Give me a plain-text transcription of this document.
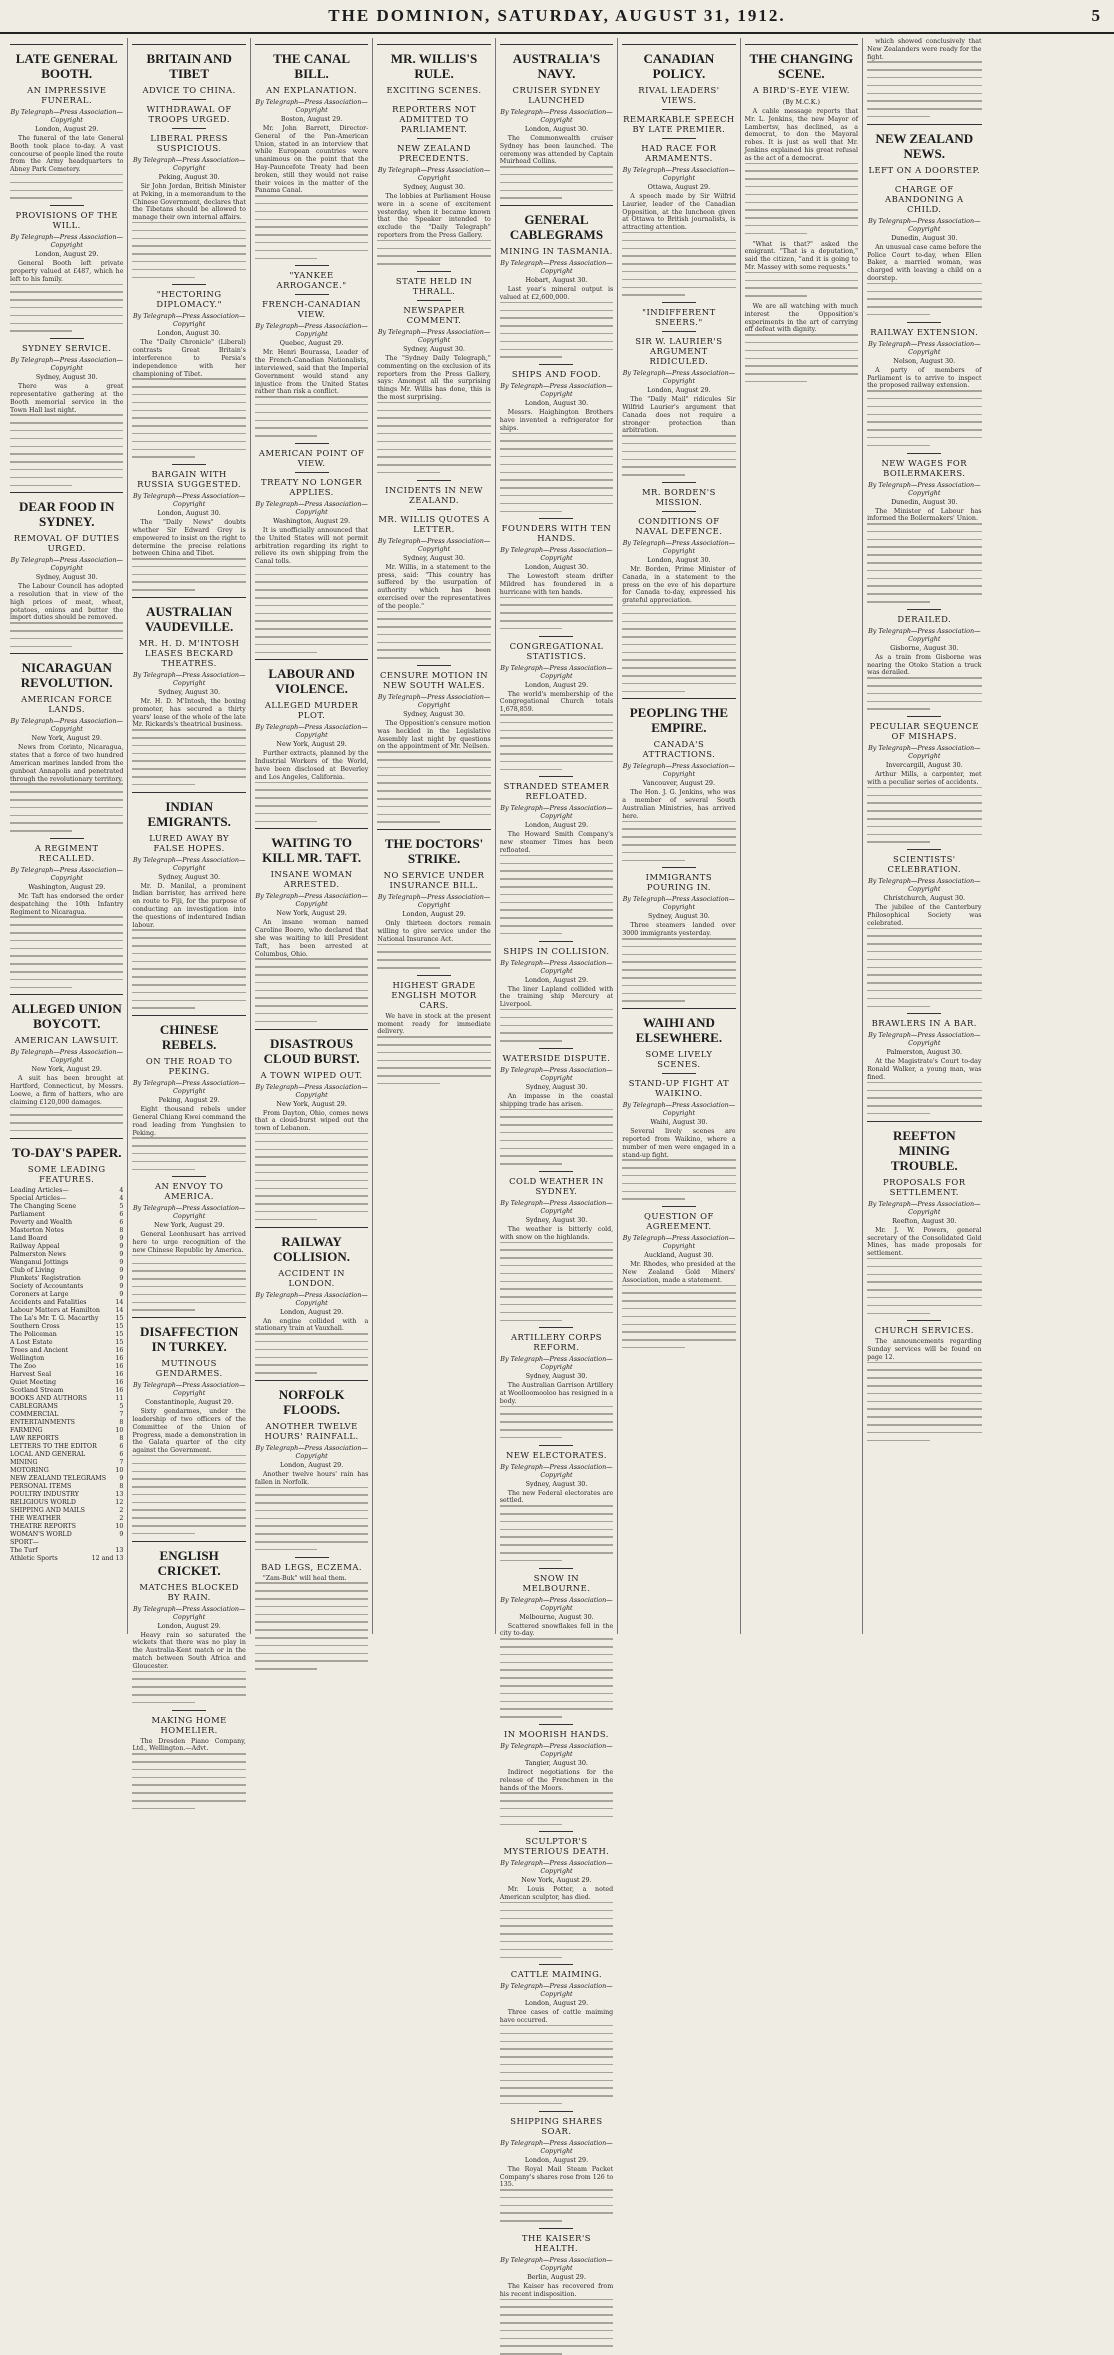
THE DOMINION, SATURDAY, AUGUST 31, 1912.	5
LATE GENERAL BOOTH.
AN IMPRESSIVE FUNERAL.
By Telegraph—Press Association—Copyright
London, August 29.

The funeral of the late General Booth took place to-day. A vast concourse of people lined the route from the Army headquarters to Abney Park Cemetery.

PROVISIONS OF THE WILL.
By Telegraph—Press Association—Copyright
London, August 29.

General Booth left private property valued at £487, which he left to his family.

SYDNEY SERVICE.
By Telegraph—Press Association—Copyright
Sydney, August 30.

There was a great representative gathering at the Booth memorial service in the Town Hall last night.

DEAR FOOD IN SYDNEY.
REMOVAL OF DUTIES URGED.
By Telegraph—Press Association—Copyright
Sydney, August 30.

The Labour Council has adopted a resolution that in view of the high prices of meat, wheat, potatoes, onions and butter the import duties should be removed.

NICARAGUAN REVOLUTION.
AMERICAN FORCE LANDS.
By Telegraph—Press Association—Copyright
New York, August 29.

News from Corinto, Nicaragua, states that a force of two hundred American marines landed from the gunboat Annapolis and penetrated through the revolutionary territory.

A REGIMENT RECALLED.
By Telegraph—Press Association—Copyright
Washington, August 29.

Mr. Taft has endorsed the order despatching the 10th Infantry Regiment to Nicaragua.

ALLEGED UNION BOYCOTT.
AMERICAN LAWSUIT.
By Telegraph—Press Association—Copyright
New York, August 29.

A suit has been brought at Hartford, Connecticut, by Messrs. Loewe, a firm of hatters, who are claiming £120,000 damages.

TO-DAY'S PAPER.
SOME LEADING FEATURES.
Leading Articles—	4
Special Articles—	4
The Changing Scene	5
Parliament	6
Poverty and Wealth	6
Masterton Notes	8
Land Board	9
Railway Appeal	9
Palmerston News	9
Wanganui Jottings	9
Club of Living	9
Plunkets' Registration	9
Society of Accountants	9
Coroners at Large	9
Accidents and Fatalities	14
Labour Matters at Hamilton	14
The La's Mr. T. G. Macarthy	15
Southern Cross	15
The Policeman	15
A Lost Estate	15
Trees and Ancient	16
Wellington	16
The Zoo	16
Harvest Seal	16
Quiet Meeting	16
Scotland Stream	16
BOOKS AND AUTHORS	11
CABLEGRAMS	5
COMMERCIAL	7
ENTERTAINMENTS	8
FARMING	10
LAW REPORTS	8
LETTERS TO THE EDITOR	6
LOCAL AND GENERAL	6
MINING	7
MOTORING	10
NEW ZEALAND TELEGRAMS	9
PERSONAL ITEMS	8
POULTRY INDUSTRY	13
RELIGIOUS WORLD	12
SHIPPING AND MAILS	2
THE WEATHER	2
THEATRE REPORTS	10
WOMAN'S WORLD	9
SPORT—
The Turf	13
Athletic Sports	12 and 13
BRITAIN AND TIBET
ADVICE TO CHINA.
WITHDRAWAL OF TROOPS URGED.
LIBERAL PRESS SUSPICIOUS.
By Telegraph—Press Association—Copyright
Peking, August 30.

Sir John Jordan, British Minister at Peking, in a memorandum to the Chinese Government, declares that the Tibetans should be allowed to manage their own internal affairs.

"HECTORING DIPLOMACY."
By Telegraph—Press Association—Copyright
London, August 30.

The "Daily Chronicle" (Liberal) contrasts Great Britain's interference to Persia's independence with her championing of Tibet.

BARGAIN WITH RUSSIA SUGGESTED.
By Telegraph—Press Association—Copyright
London, August 30.

The "Daily News" doubts whether Sir Edward Grey is empowered to insist on the right to determine the precise relations between China and Tibet.

AUSTRALIAN VAUDEVILLE.
MR. H. D. M'INTOSH LEASES BECKARD THEATRES.
By Telegraph—Press Association—Copyright
Sydney, August 30.

Mr. H. D. M'Intosh, the boxing promoter, has secured a thirty years' lease of the whole of the late Mr. Rickards's theatrical business.

INDIAN EMIGRANTS.
LURED AWAY BY FALSE HOPES.
By Telegraph—Press Association—Copyright
Sydney, August 30.

Mr. D. Manilal, a prominent Indian barrister, has arrived here en route to Fiji, for the purpose of conducting an investigation into the questions of indentured Indian labour.

CHINESE REBELS.
ON THE ROAD TO PEKING.
By Telegraph—Press Association—Copyright
Peking, August 29.

Eight thousand rebels under General Chiang Kwei command the road leading from Yunghsien to Peking.

AN ENVOY TO AMERICA.
By Telegraph—Press Association—Copyright
New York, August 29.

General Leonhusart has arrived here to urge recognition of the new Chinese Republic by America.

DISAFFECTION IN TURKEY.
MUTINOUS GENDARMES.
By Telegraph—Press Association—Copyright
Constantinople, August 29.

Sixty gendarmes, under the leadership of two officers of the Committee of the Union of Progress, made a demonstration in the Galata quarter of the city against the Government.

ENGLISH CRICKET.
MATCHES BLOCKED BY RAIN.
By Telegraph—Press Association—Copyright
London, August 29.

Heavy rain so saturated the wickets that there was no play in the Australia-Kent match or in the match between South Africa and Gloucester.

MAKING HOME HOMELIER.

The Dresden Piano Company, Ltd., Wellington.—Advt.

THE CANAL BILL.
AN EXPLANATION.
By Telegraph—Press Association—Copyright
Boston, August 29.

Mr. John Barrett, Director-General of the Pan-American Union, stated in an interview that while European countries were unanimous on the point that the Hay-Pauncefote Treaty had been broken, still they would not raise their voices in the matter of the Panama Canal.

"YANKEE ARROGANCE."
FRENCH-CANADIAN VIEW.
By Telegraph—Press Association—Copyright
Quebec, August 29.

Mr. Henri Bourassa, Leader of the French-Canadian Nationalists, interviewed, said that the Imperial Government would stand any injustice from the United States rather than risk a conflict.

AMERICAN POINT OF VIEW.
TREATY NO LONGER APPLIES.
By Telegraph—Press Association—Copyright
Washington, August 29.

It is unofficially announced that the United States will not permit arbitration regarding its right to relieve its own shipping from the Canal tolls.

LABOUR AND VIOLENCE.
ALLEGED MURDER PLOT.
By Telegraph—Press Association—Copyright
New York, August 29.

Further extracts, planned by the Industrial Workers of the World, have been disclosed at Beverley and Los Angeles, California.

WAITING TO KILL MR. TAFT.
INSANE WOMAN ARRESTED.
By Telegraph—Press Association—Copyright
New York, August 29.

An insane woman named Caroline Boero, who declared that she was waiting to kill President Taft, has been arrested at Columbus, Ohio.

DISASTROUS CLOUD BURST.
A TOWN WIPED OUT.
By Telegraph—Press Association—Copyright
New York, August 29.

From Dayton, Ohio, comes news that a cloud-burst wiped out the town of Lebanon.

RAILWAY COLLISION.
ACCIDENT IN LONDON.
By Telegraph—Press Association—Copyright
London, August 29.

An engine collided with a stationary train at Vauxhall.

NORFOLK FLOODS.
ANOTHER TWELVE HOURS' RAINFALL.
By Telegraph—Press Association—Copyright
London, August 29.

Another twelve hours' rain has fallen in Norfolk.

BAD LEGS, ECZEMA.

"Zam-Buk" will heal them.

MR. WILLIS'S RULE.
EXCITING SCENES.
REPORTERS NOT ADMITTED TO PARLIAMENT.
NEW ZEALAND PRECEDENTS.
By Telegraph—Press Association—Copyright
Sydney, August 30.

The lobbies at Parliament House were in a scene of excitement yesterday, when it became known that the Speaker intended to exclude the "Daily Telegraph" reporters from the Press Gallery.

STATE HELD IN THRALL.
NEWSPAPER COMMENT.
By Telegraph—Press Association—Copyright
Sydney, August 30.

The "Sydney Daily Telegraph," commenting on the exclusion of its reporters from the Press Gallery, says: Amongst all the surprising things Mr. Willis has done, this is the most surprising.

INCIDENTS IN NEW ZEALAND.
MR. WILLIS QUOTES A LETTER.
By Telegraph—Press Association—Copyright
Sydney, August 30.

Mr. Willis, in a statement to the press, said: "This country has suffered by the usurpation of authority which has been exercised over the representatives of the people."

CENSURE MOTION IN NEW SOUTH WALES.
By Telegraph—Press Association—Copyright
Sydney, August 30.

The Opposition's censure motion was heckled in the Legislative Assembly last night by questions on the appointment of Mr. Neilsen.

THE DOCTORS' STRIKE.
NO SERVICE UNDER INSURANCE BILL.
By Telegraph—Press Association—Copyright
London, August 29.

Only thirteen doctors remain willing to give service under the National Insurance Act.

HIGHEST GRADE ENGLISH MOTOR CARS.

We have in stock at the present moment ready for immediate delivery.

AUSTRALIA'S NAVY.
CRUISER SYDNEY LAUNCHED
By Telegraph—Press Association—Copyright
London, August 30.

The Commonwealth cruiser Sydney has been launched. The ceremony was attended by Captain Muirhead Collins.

GENERAL CABLEGRAMS
MINING IN TASMANIA.
By Telegraph—Press Association—Copyright
Hobart, August 30.

Last year's mineral output is valued at £2,600,000.

SHIPS AND FOOD.
By Telegraph—Press Association—Copyright
London, August 30.

Messrs. Haighington Brothers have invented a refrigerator for ships.

FOUNDERS WITH TEN HANDS.
By Telegraph—Press Association—Copyright
London, August 30.

The Lowestoft steam drifter Mildred has foundered in a hurricane with ten hands.

CONGREGATIONAL STATISTICS.
By Telegraph—Press Association—Copyright
London, August 29.

The world's membership of the Congregational Church totals 1,678,859.

STRANDED STEAMER REFLOATED.
By Telegraph—Press Association—Copyright
London, August 29.

The Howard Smith Company's new steamer Times has been refloated.

SHIPS IN COLLISION.
By Telegraph—Press Association—Copyright
London, August 29.

The liner Lapland collided with the training ship Mercury at Liverpool.

WATERSIDE DISPUTE.
By Telegraph—Press Association—Copyright
Sydney, August 30.

An impasse in the coastal shipping trade has arisen.

COLD WEATHER IN SYDNEY.
By Telegraph—Press Association—Copyright
Sydney, August 30.

The weather is bitterly cold, with snow on the highlands.

ARTILLERY CORPS REFORM.
By Telegraph—Press Association—Copyright
Sydney, August 30.

The Australian Garrison Artillery at Woolloomooloo has resigned in a body.

NEW ELECTORATES.
By Telegraph—Press Association—Copyright
Sydney, August 30.

The new Federal electorates are settled.

SNOW IN MELBOURNE.
By Telegraph—Press Association—Copyright
Melbourne, August 30.

Scattered snowflakes fell in the city to-day.

IN MOORISH HANDS.
By Telegraph—Press Association—Copyright
Tangier, August 30.

Indirect negotiations for the release of the Frenchmen in the hands of the Moors.

SCULPTOR'S MYSTERIOUS DEATH.
By Telegraph—Press Association—Copyright
New York, August 29.

Mr. Louis Potter, a noted American sculptor, has died.

CATTLE MAIMING.
By Telegraph—Press Association—Copyright
London, August 29.

Three cases of cattle maiming have occurred.

SHIPPING SHARES SOAR.
By Telegraph—Press Association—Copyright
London, August 29.

The Royal Mail Steam Packet Company's shares rose from 126 to 135.

THE KAISER'S HEALTH.
By Telegraph—Press Association—Copyright
Berlin, August 29.

The Kaiser has recovered from his recent indisposition.

CANADIAN POLICY.
RIVAL LEADERS' VIEWS.
REMARKABLE SPEECH BY LATE PREMIER.
HAD RACE FOR ARMAMENTS.
By Telegraph—Press Association—Copyright
Ottawa, August 29.

A speech made by Sir Wilfrid Laurier, leader of the Canadian Opposition, at the luncheon given at Ottawa to British journalists, is attracting attention.

"INDIFFERENT SNEERS."
SIR W. LAURIER'S ARGUMENT RIDICULED.
By Telegraph—Press Association—Copyright
London, August 29.

The "Daily Mail" ridicules Sir Wilfrid Laurier's argument that Canada does not require a stronger protection than arbitration.

MR. BORDEN'S MISSION.
CONDITIONS OF NAVAL DEFENCE.
By Telegraph—Press Association—Copyright
London, August 30.

Mr. Borden, Prime Minister of Canada, in a statement to the press on the eve of his departure for Canada to-day, expressed his grateful appreciation.

PEOPLING THE EMPIRE.
CANADA'S ATTRACTIONS.
By Telegraph—Press Association—Copyright
Vancouver, August 29.

The Hon. J. G. Jenkins, who was a member of several South Australian Ministries, has arrived here.

IMMIGRANTS POURING IN.
By Telegraph—Press Association—Copyright
Sydney, August 30.

Three steamers landed over 3000 immigrants yesterday.

WAIHI AND ELSEWHERE.
SOME LIVELY SCENES.
STAND-UP FIGHT AT WAIKINO.
By Telegraph—Press Association—Copyright
Waihi, August 30.

Several lively scenes are reported from Waikino, where a number of men were engaged in a stand-up fight.

QUESTION OF AGREEMENT.
By Telegraph—Press Association—Copyright
Auckland, August 30.

Mr. Rhodes, who presided at the New Zealand Gold Miners' Association, made a statement.

THE CHANGING SCENE.
A BIRD'S-EYE VIEW.
(By M.C.K.)

A cable message reports that Mr. L. Jenkins, the new Mayor of Lambertsv, has declined, as a democrat, to don the Mayoral robes. It is just as well that Mr. Jenkins explained his great refusal as the act of a democrat.

"What is that?" asked the emigrant. "That is a deputation," said the citizen, "and it is going to Mr. Massey with some requests."

We are all watching with much interest the Opposition's experiments in the art of carrying off defeat with dignity.

which showed conclusively that New Zealanders were ready for the fight.

NEW ZEALAND NEWS.
LEFT ON A DOORSTEP.
CHARGE OF ABANDONING A CHILD.
By Telegraph—Press Association—Copyright
Dunedin, August 30.

An unusual case came before the Police Court to-day, when Ellen Baker, a married woman, was charged with leaving a child on a doorstep.

RAILWAY EXTENSION.
By Telegraph—Press Association—Copyright
Nelson, August 30.

A party of members of Parliament is to arrive to inspect the proposed railway extension.

NEW WAGES FOR BOILERMAKERS.
By Telegraph—Press Association—Copyright
Dunedin, August 30.

The Minister of Labour has informed the Boilermakers' Union.

DERAILED.
By Telegraph—Press Association—Copyright
Gisborne, August 30.

As a train from Gisborne was nearing the Otoko Station a truck was derailed.

PECULIAR SEQUENCE OF MISHAPS.
By Telegraph—Press Association—Copyright
Invercargill, August 30.

Arthur Mills, a carpenter, met with a peculiar series of accidents.

SCIENTISTS' CELEBRATION.
By Telegraph—Press Association—Copyright
Christchurch, August 30.

The jubilee of the Canterbury Philosophical Society was celebrated.

BRAWLERS IN A BAR.
By Telegraph—Press Association—Copyright
Palmerston, August 30.

At the Magistrate's Court to-day Ronald Walker, a young man, was fined.

REEFTON MINING TROUBLE.
PROPOSALS FOR SETTLEMENT.
By Telegraph—Press Association—Copyright
Reefton, August 30.

Mr. J. W. Powers, general secretary of the Consolidated Gold Mines, has made proposals for settlement.

CHURCH SERVICES.

The announcements regarding Sunday services will be found on page 12.
